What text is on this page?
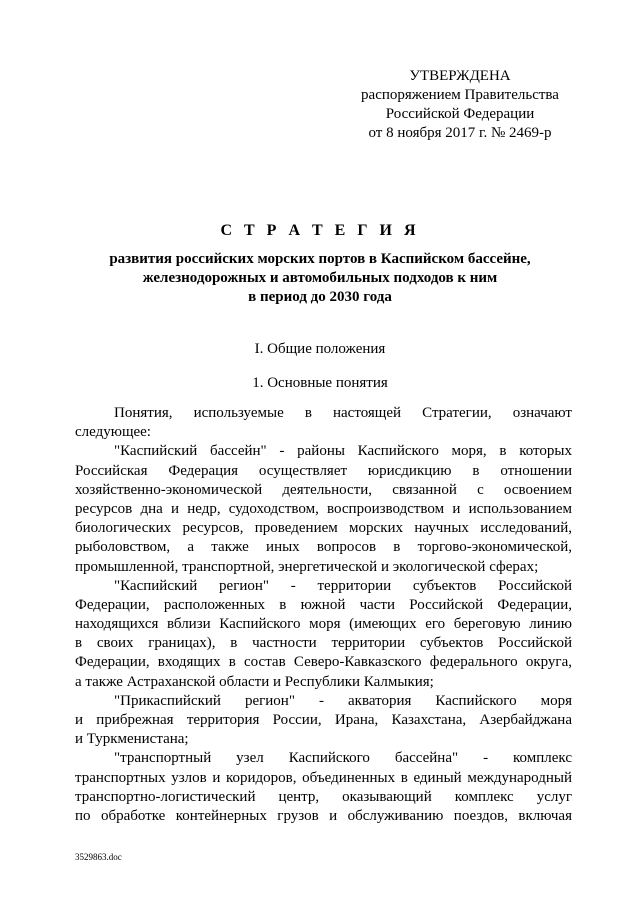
УТВЕРЖДЕНА
распоряжением Правительства
Российской Федерации
от 8 ноября 2017 г. № 2469-р
С Т Р А Т Е Г И Я
развития российских морских портов в Каспийском бассейне,
железнодорожных и автомобильных подходов к ним
в период до 2030 года
I. Общие положения
1. Основные понятия
Понятия, используемые в настоящей Стратегии, означают
следующее:
"Каспийский бассейн" - районы Каспийского моря, в которых
Российская Федерация осуществляет юрисдикцию в отношении
хозяйственно-экономической деятельности, связанной с освоением
ресурсов дна и недр, судоходством, воспроизводством и использованием
биологических ресурсов, проведением морских научных исследований,
рыболовством, а также иных вопросов в торгово-экономической,
промышленной, транспортной, энергетической и экологической сферах;
"Каспийский регион" - территории субъектов Российской
Федерации, расположенных в южной части Российской Федерации,
находящихся вблизи Каспийского моря (имеющих его береговую линию
в своих границах), в частности территории субъектов Российской
Федерации, входящих в состав Северо-Кавказского федерального округа,
а также Астраханской области и Республики Калмыкия;
"Прикаспийский регион" - акватория Каспийского моря
и прибрежная территория России, Ирана, Казахстана, Азербайджана
и Туркменистана;
"транспортный узел Каспийского бассейна" - комплекс
транспортных узлов и коридоров, объединенных в единый международный
транспортно-логистический центр, оказывающий комплекс услуг
по обработке контейнерных грузов и обслуживанию поездов, включая
3529863.doc
